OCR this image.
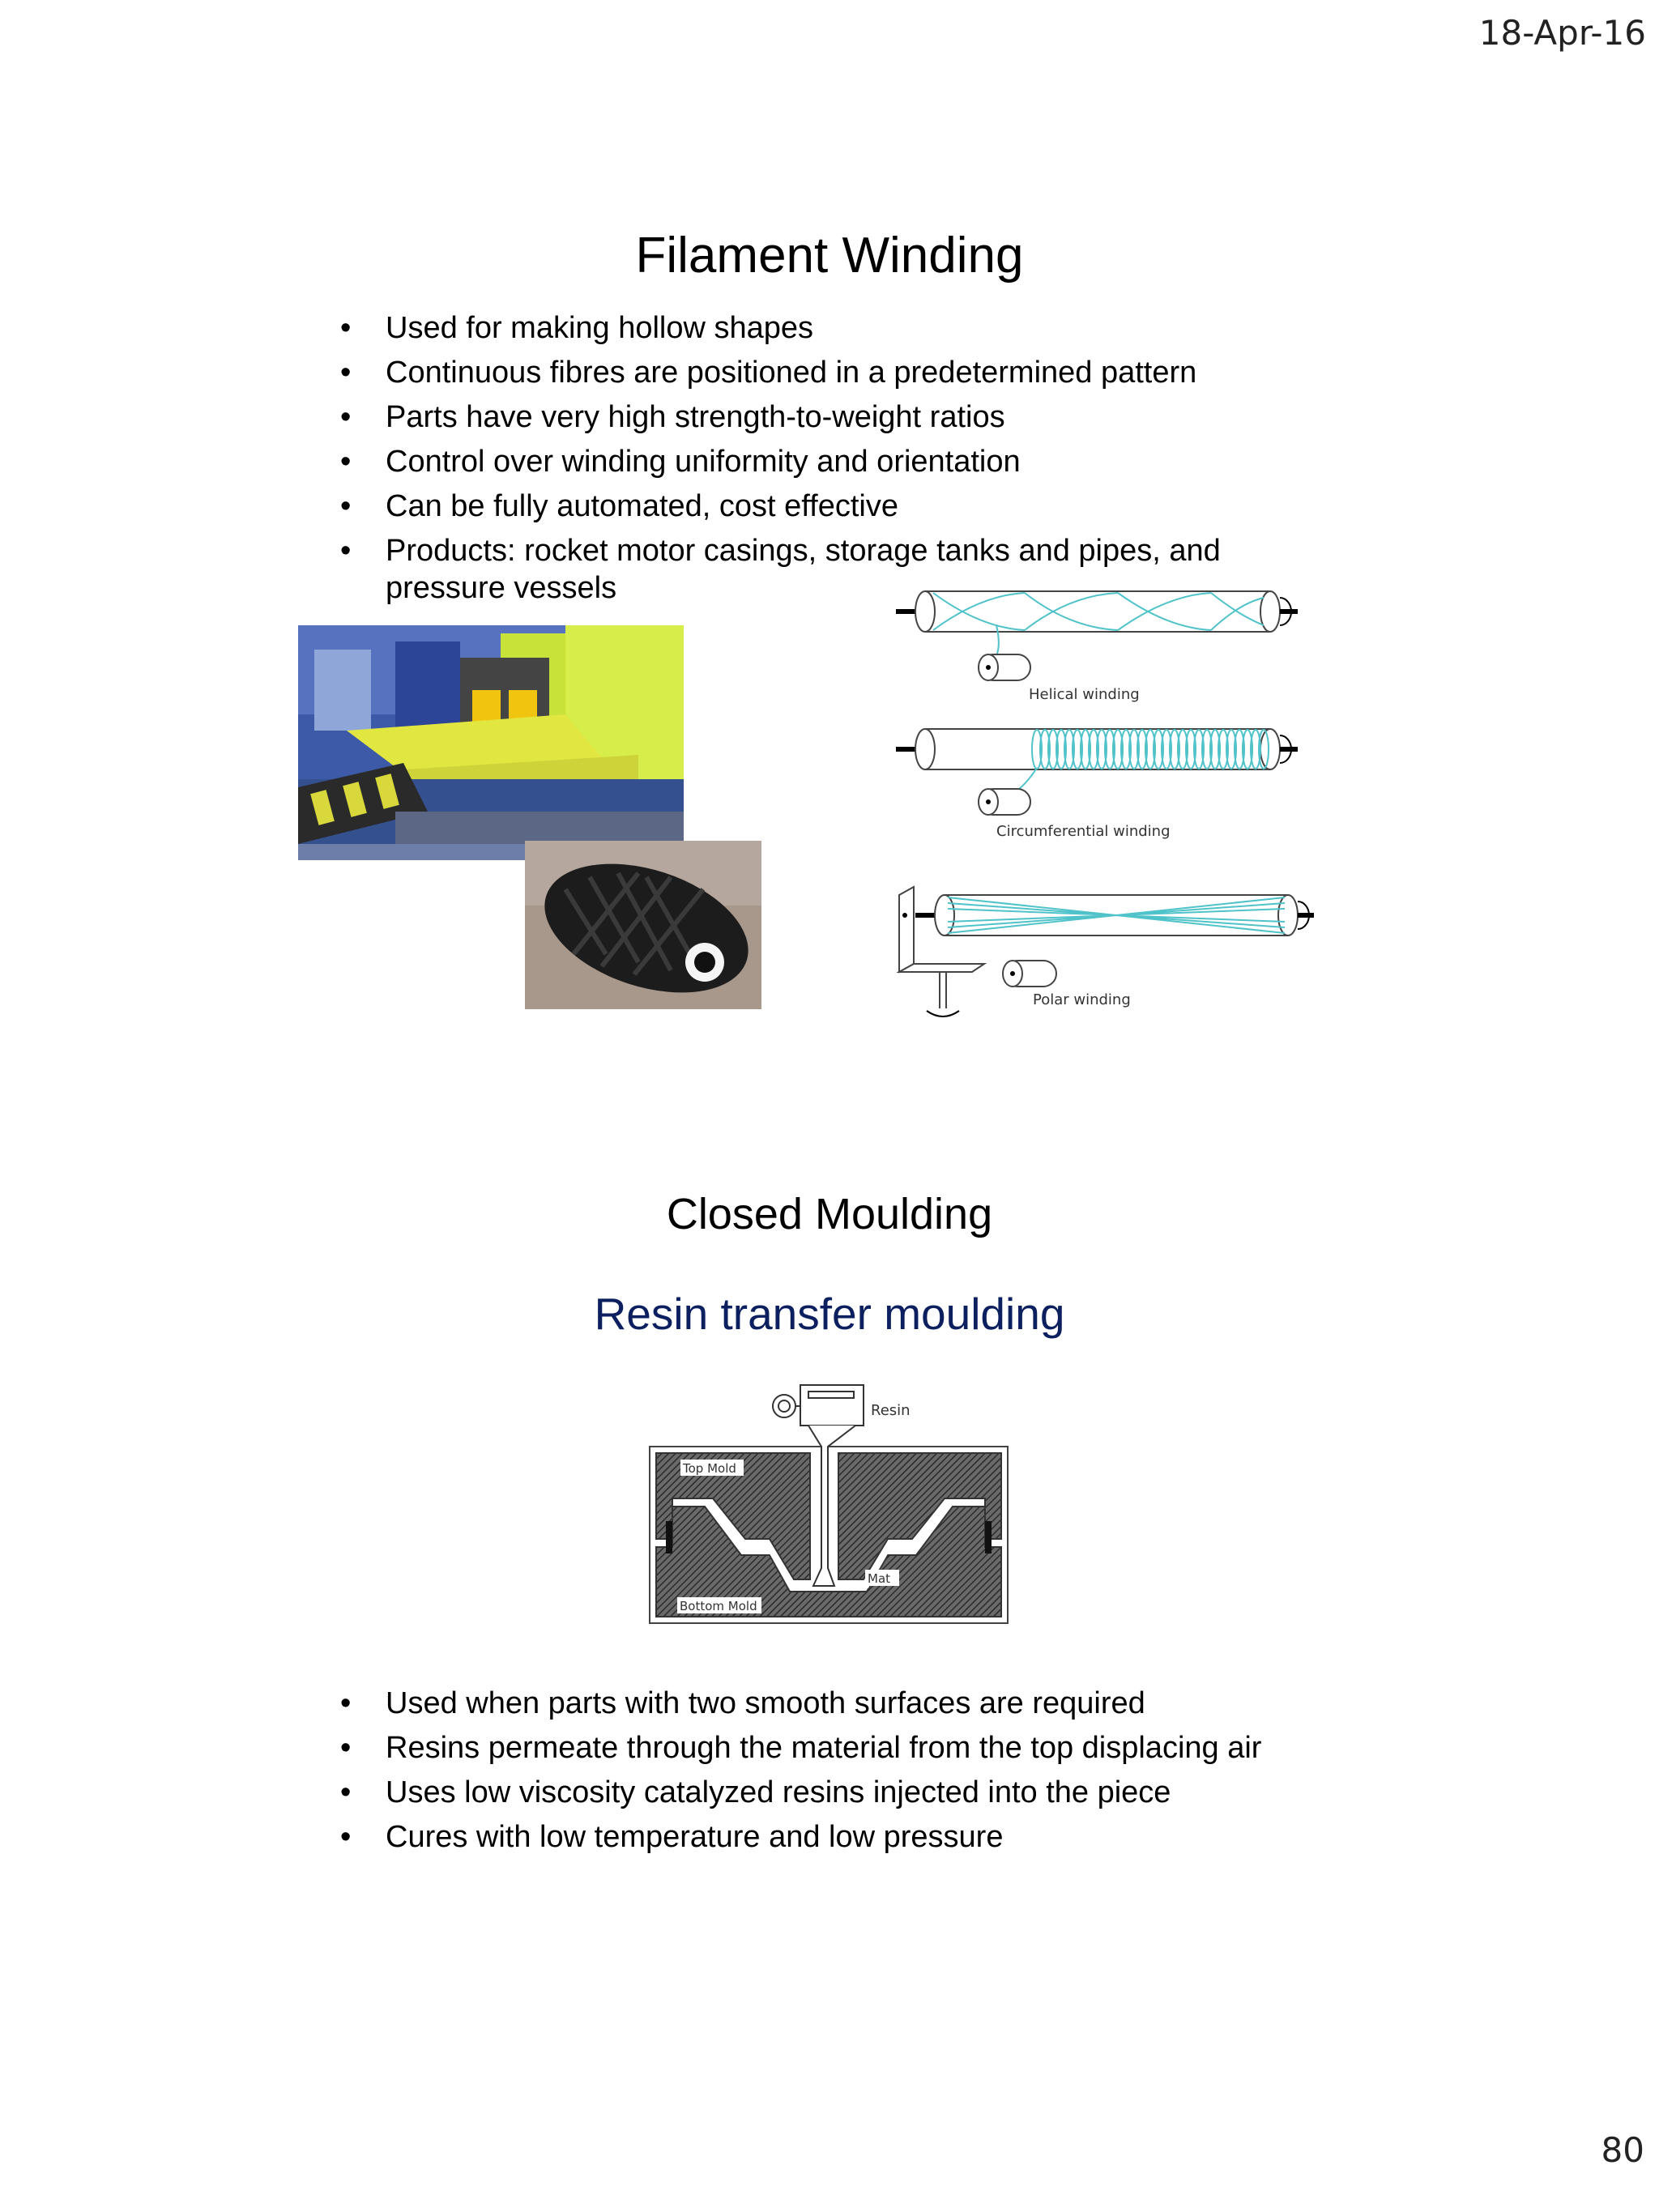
18-Apr-16
80
Filament Winding
• Used for making hollow shapes
• Continuous fibres are positioned in a predetermined pattern
• Parts have very high strength-to-weight ratios
• Control over winding uniformity and orientation
• Can be fully automated, cost effective
• Products: rocket motor casings, storage tanks and pipes, and pressure vessels
Helical winding
Circumferential winding
Polar winding
Closed Moulding
Resin transfer moulding
Resin
Top Mold
Mat
Bottom Mold
• Used when parts with two smooth surfaces are required
• Resins permeate through the material from the top displacing air
• Uses low viscosity catalyzed resins injected into the piece
• Cures with low temperature and low pressure
